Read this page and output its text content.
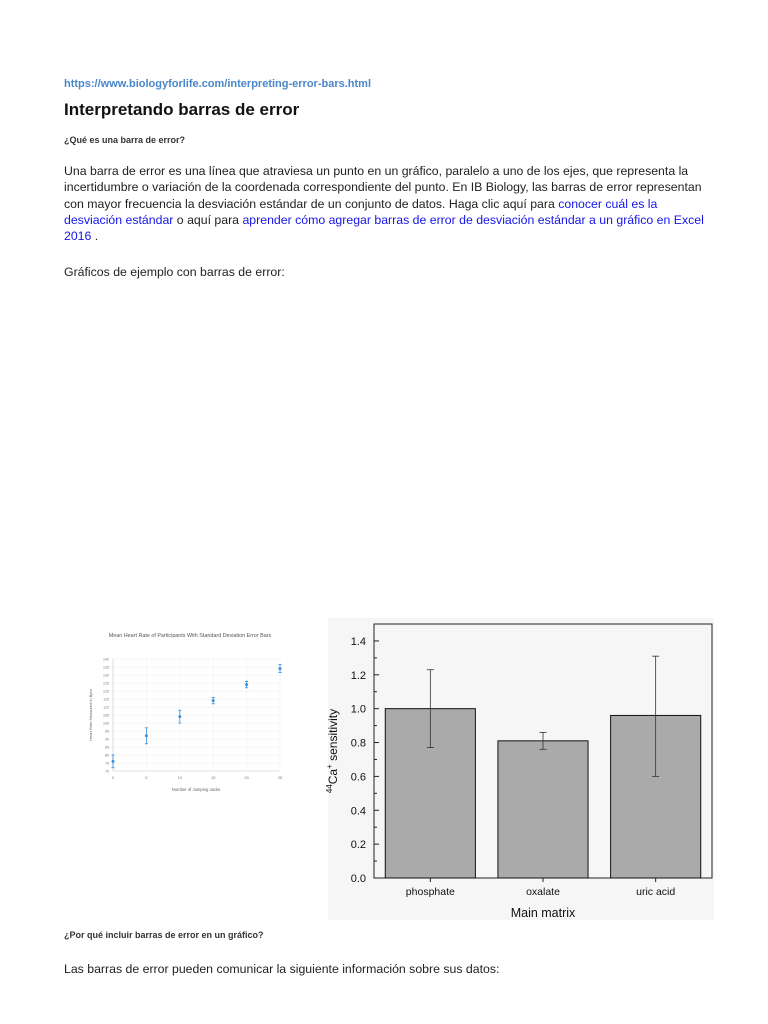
https://www.biologyforlife.com/interpreting-error-bars.html
Interpretando barras de error
¿Qué es una barra de error?
Una barra de error es una línea que atraviesa un punto en un gráfico, paralelo a uno de los ejes, que representa la incertidumbre o variación de la coordenada correspondiente del punto. En IB Biology, las barras de error representan con mayor frecuencia la desviación estándar de un conjunto de datos. Haga clic aquí para conocer cuál es la desviación estándar o aquí para aprender cómo agregar barras de error de desviación estándar a un gráfico en Excel 2016 .
Gráficos de ejemplo con barras de error:
Mean Heart Rate of Participants With Standard Deviation Error Bars
70
75
80
85
90
95
100
105
110
115
120
125
130
135
140
0	5	10	15	20	25
Number of Jumping Jacks
Heart Rate Measured in Bpm
0.0
0.2
0.4
0.6
0.8
1.0
1.2
1.4
phosphate	oxalate	uric acid
Main matrix
$^{44}$Ca+ sensitivity
¿Por qué incluir barras de error en un gráfico?
Las barras de error pueden comunicar la siguiente información sobre sus datos:
